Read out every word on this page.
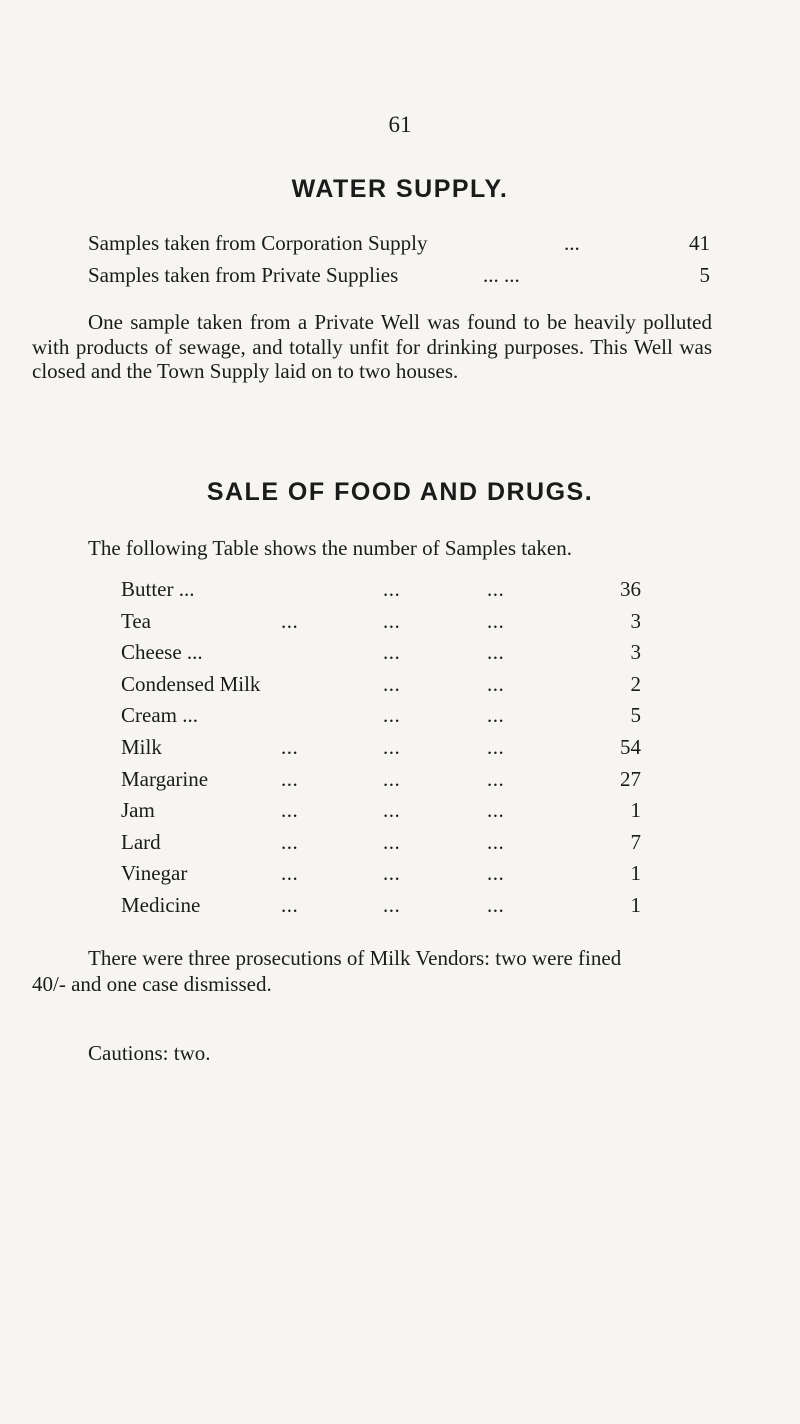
61
WATER SUPPLY.
Samples taken from Corporation Supply	...	41
Samples taken from Private Supplies	... ...	5
One sample taken from a Private Well was found to be heavily polluted with products of sewage, and totally unfit for drinking purposes. This Well was closed and the Town Supply laid on to two houses.
SALE OF FOOD AND DRUGS.
The following Table shows the number of Samples taken.
Butter ...	...	...	36
Tea	...	...	...	3
Cheese ...	...	...	3
Condensed Milk	...	...	2
Cream ...	...	...	5
Milk	...	...	...	54
Margarine	...	...	...	27
Jam	...	...	...	1
Lard	...	...	...	7
Vinegar	...	...	...	1
Medicine	...	...	...	1
There were three prosecutions of Milk Vendors: two were fined
40/- and one case dismissed.
Cautions: two.
